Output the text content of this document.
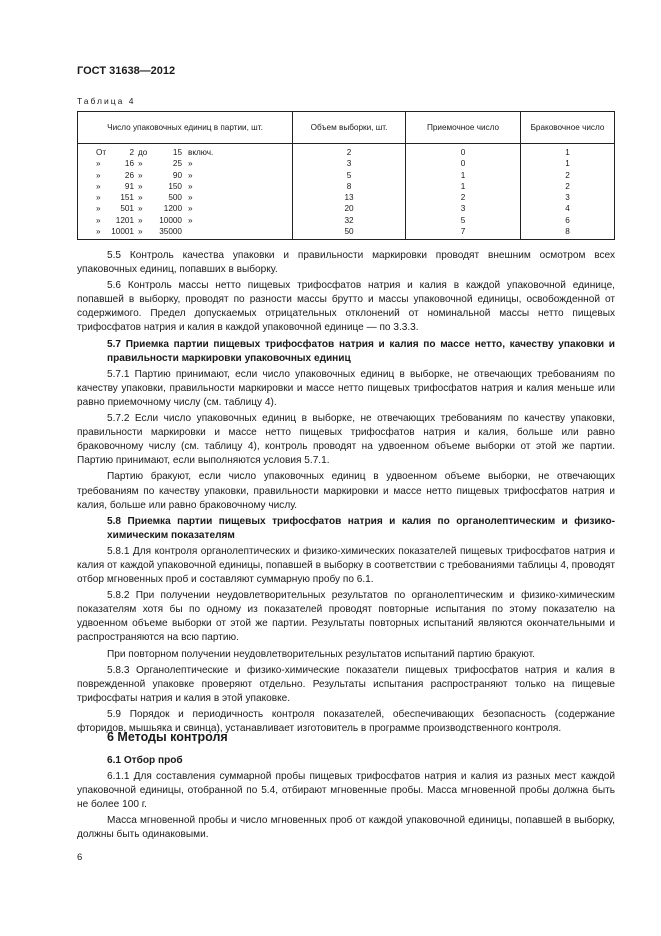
ГОСТ 31638—2012
Таблица 4
Число упаковочных единиц в партии, шт.	Объем выборки, шт.	Приемочное число	Браковочное число

От 2 до 15 включ.	2	0	1

» 16 » 25 »	3	0	1

» 26 » 90 »	5	1	2

» 91 » 150 »	8	1	2

» 151 » 500 »	13	2	3

» 501 » 1200 »	20	3	4

» 1201 » 10000 »	32	5	6

» 10001 » 35000	50	7	8

5.5 Контроль качества упаковки и правильности маркировки проводят внешним осмотром всех упаковочных единиц, попавших в выборку.

5.6 Контроль массы нетто пищевых трифосфатов натрия и калия в каждой упаковочной единице, попавшей в выборку, проводят по разности массы брутто и массы упаковочной единицы, освобожденной от содержимого. Предел допускаемых отрицательных отклонений от номинальной массы нетто пищевых трифосфатов натрия и калия в каждой упаковочной единице — по 3.3.3.

5.7 Приемка партии пищевых трифосфатов натрия и калия по массе нетто, качеству упаковки и правильности маркировки упаковочных единиц

5.7.1 Партию принимают, если число упаковочных единиц в выборке, не отвечающих требованиям по качеству упаковки, правильности маркировки и массе нетто пищевых трифосфатов натрия и калия меньше или равно приемочному числу (см. таблицу 4).

5.7.2 Если число упаковочных единиц в выборке, не отвечающих требованиям по качеству упаковки, правильности маркировки и массе нетто пищевых трифосфатов натрия и калия, больше или равно браковочному числу (см. таблицу 4), контроль проводят на удвоенном объеме выборки от этой же партии. Партию принимают, если выполняются условия 5.7.1.

Партию бракуют, если число упаковочных единиц в удвоенном объеме выборки, не отвечающих требованиям по качеству упаковки, правильности маркировки и массе нетто пищевых трифосфатов натрия и калия, больше или равно браковочному числу.

5.8 Приемка партии пищевых трифосфатов натрия и калия по органолептическим и физико-химическим показателям

5.8.1 Для контроля органолептических и физико-химических показателей пищевых трифосфатов натрия и калия от каждой упаковочной единицы, попавшей в выборку в соответствии с требованиями таблицы 4, проводят отбор мгновенных проб и составляют суммарную пробу по 6.1.

5.8.2 При получении неудовлетворительных результатов по органолептическим и физико-химическим показателям хотя бы по одному из показателей проводят повторные испытания по этому показателю на удвоенном объеме выборки от этой же партии. Результаты повторных испытаний являются окончательными и распространяются на всю партию.

При повторном получении неудовлетворительных результатов испытаний партию бракуют.

5.8.3 Органолептические и физико-химические показатели пищевых трифосфатов натрия и калия в поврежденной упаковке проверяют отдельно. Результаты испытания распространяют только на пищевые трифосфаты натрия и калия в этой упаковке.

5.9 Порядок и периодичность контроля показателей, обеспечивающих безопасность (содержание фторидов, мышьяка и свинца), устанавливает изготовитель в программе производственного контроля.

6 Методы контроля
6.1 Отбор проб

6.1.1 Для составления суммарной пробы пищевых трифосфатов натрия и калия из разных мест каждой упаковочной единицы, отобранной по 5.4, отбирают мгновенные пробы. Масса мгновенной пробы должна быть не более 100 г.

Масса мгновенной пробы и число мгновенных проб от каждой упаковочной единицы, попавшей в выборку, должны быть одинаковыми.

6
